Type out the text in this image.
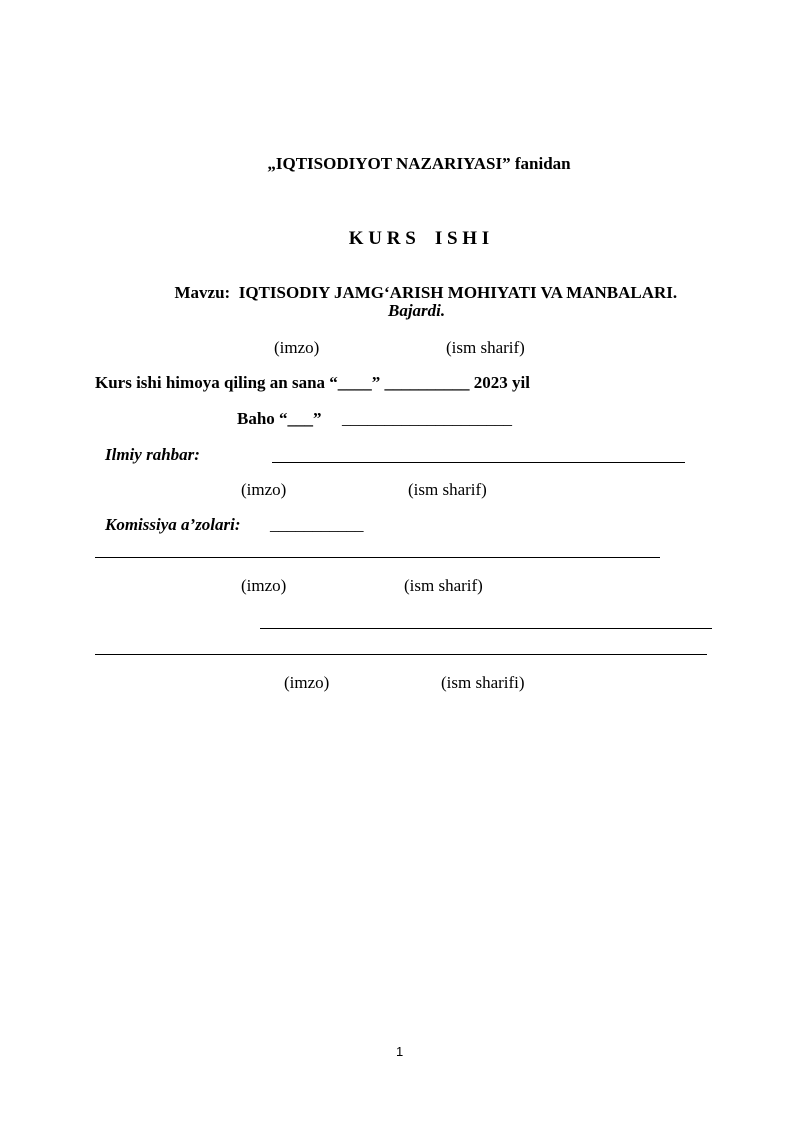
„IQTISODIYOT NAZARIYASI” fanidan
K U R S    I S H I

Mavzu: IQTISODIY JAMG‘ARISH MOHIYATI VA MANBALARI.

Bajardi.
(imzo)	(ism sharif)
Kurs ishi himoya qiling an sana “____” __________ 2023 yil
Baho “___” ____________________
Ilmiy rahbar:
(imzo)	(ism sharif)
Komissiya a’zolari: ___________
(imzo)	(ism sharif)
(imzo)	(ism sharifi)
1
